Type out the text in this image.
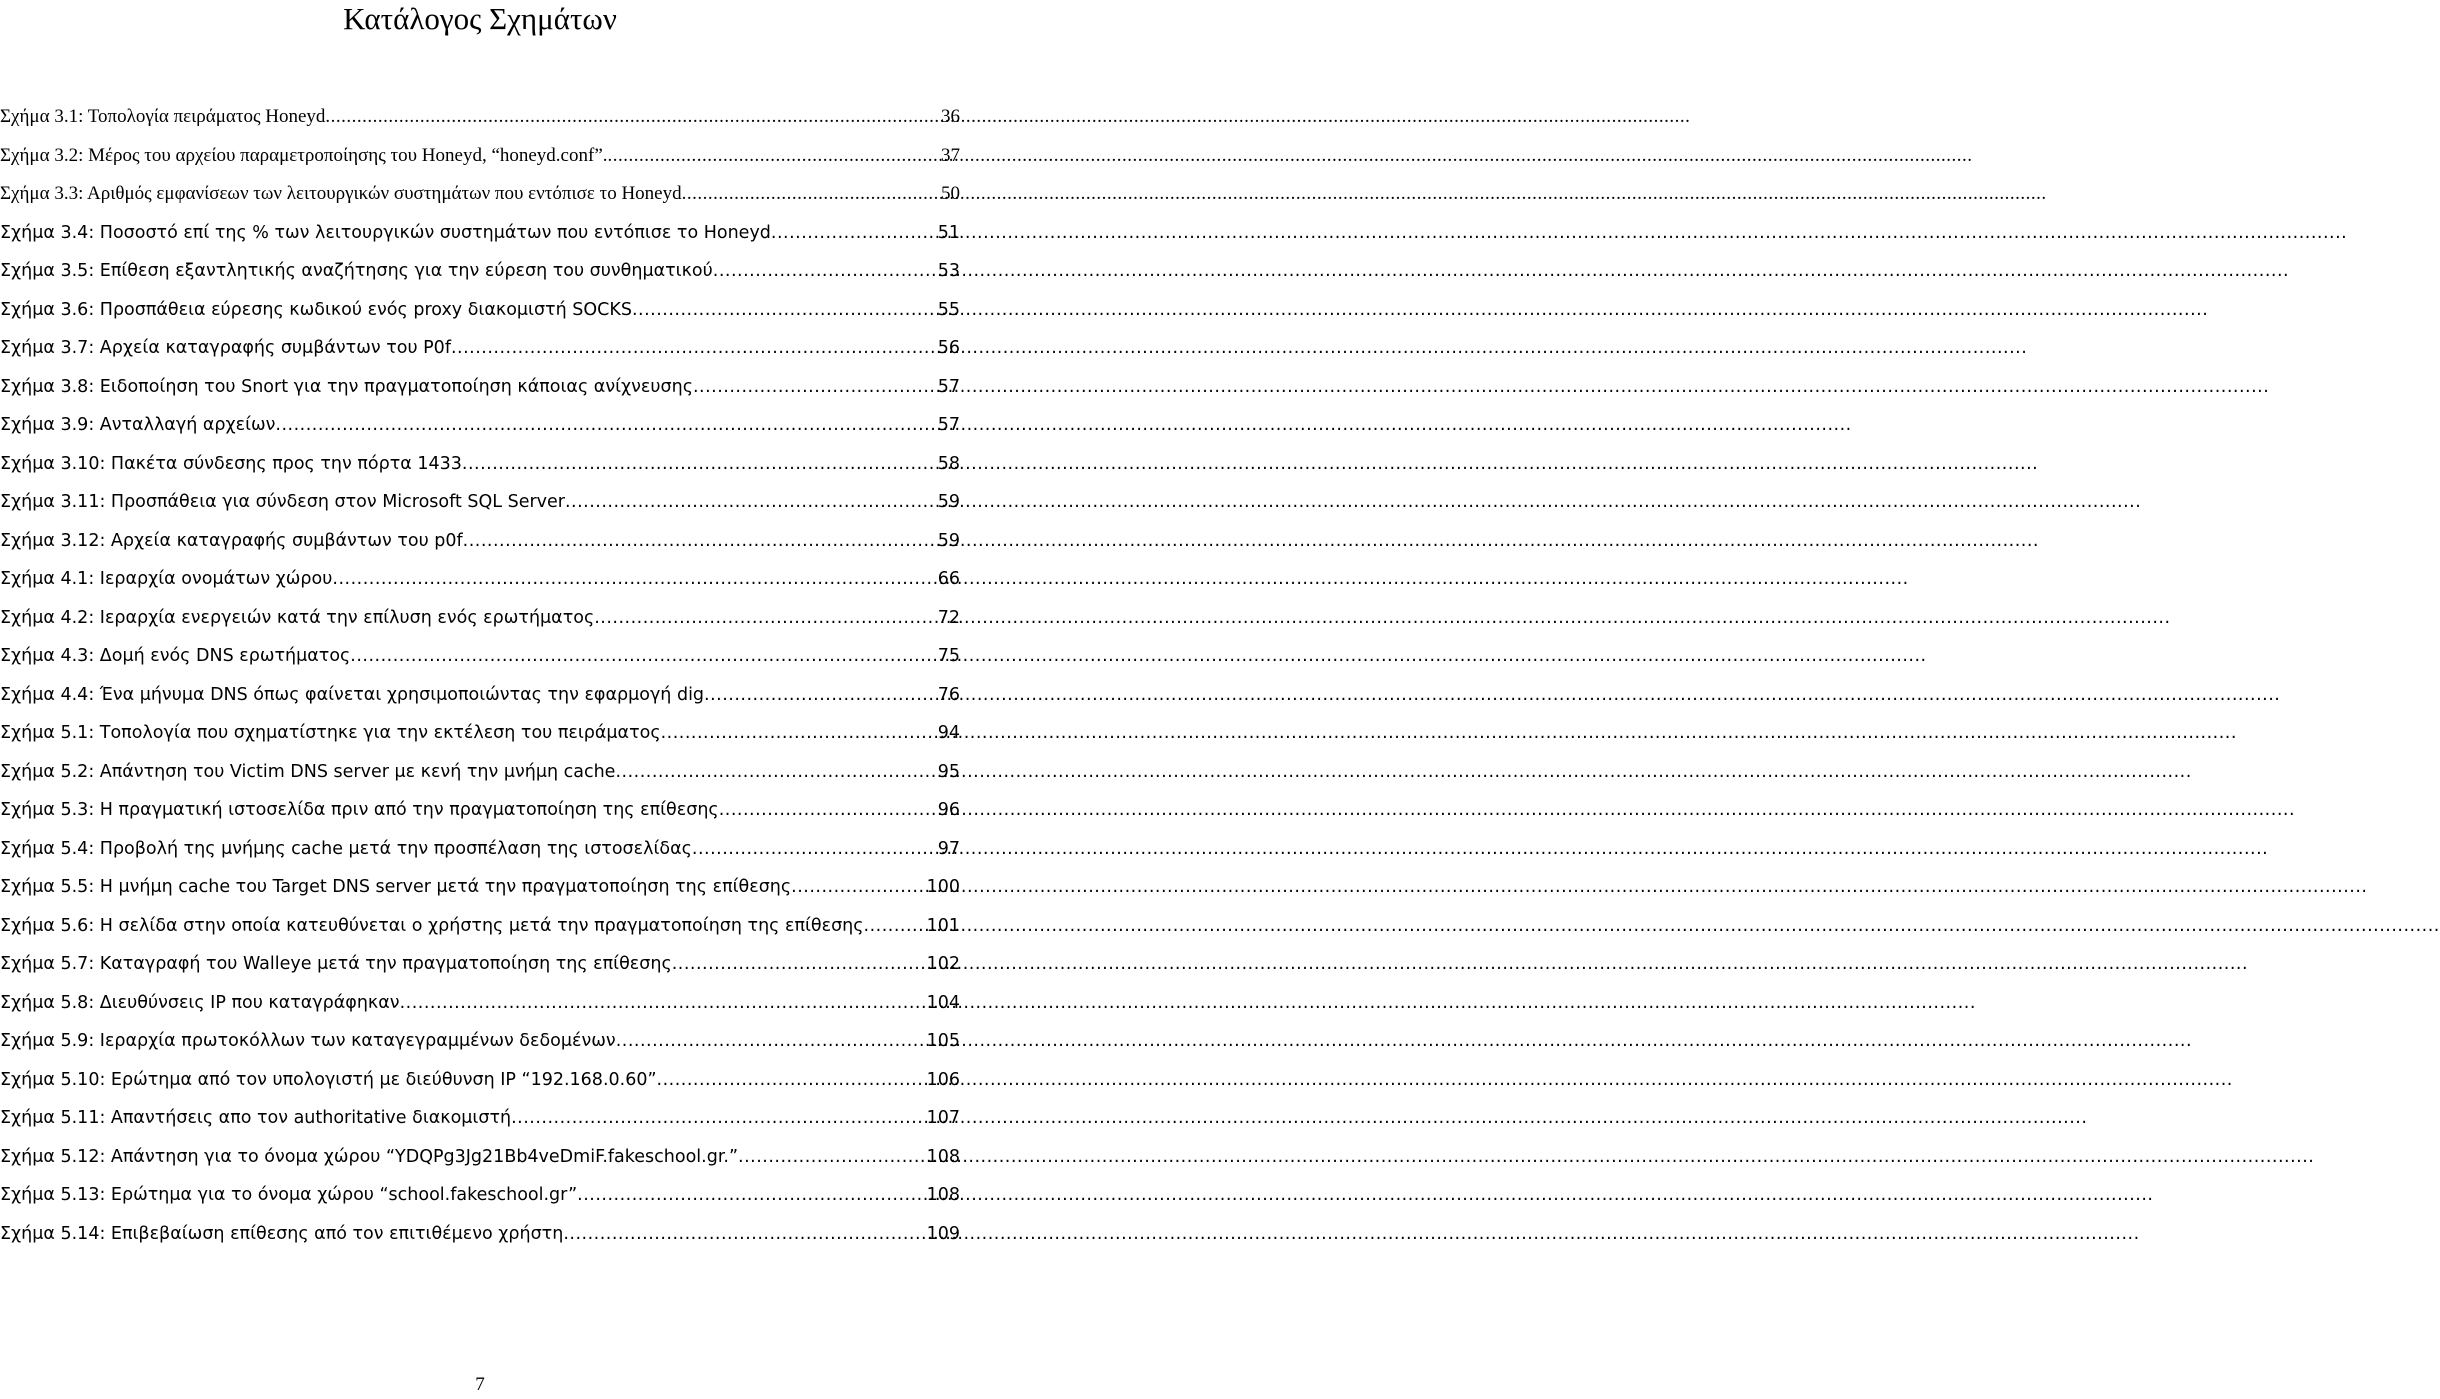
Κατάλογος Σχημάτων
Σχήμα 3.1: Τοπολογία πειράματος Honeyd .....	36
Σχήμα 3.2: Μέρος του αρχείου παραμετροποίησης του Honeyd, “honeyd.conf”. .....	37
Σχήμα 3.3: Αριθμός εμφανίσεων των λειτουργικών συστημάτων που εντόπισε το Honeyd .....	50
Σχήμα 3.4: Ποσοστό επί της % των λειτουργικών συστημάτων που εντόπισε το Honeyd .....	51
Σχήμα 3.5: Επίθεση εξαντλητικής αναζήτησης για την εύρεση του συνθηματικού .....	53
Σχήμα 3.6: Προσπάθεια εύρεσης κωδικού ενός proxy διακομιστή SOCKS .....	55
Σχήμα 3.7: Αρχεία καταγραφής συμβάντων του P0f .....	56
Σχήμα 3.8: Ειδοποίηση του Snort για την πραγματοποίηση κάποιας ανίχνευσης .....	57
Σχήμα 3.9: Ανταλλαγή αρχείων .....	57
Σχήμα 3.10: Πακέτα σύνδεσης προς την πόρτα 1433 .....	58
Σχήμα 3.11: Προσπάθεια για σύνδεση στον Microsoft SQL Server .....	59
Σχήμα 3.12: Αρχεία καταγραφής συμβάντων του p0f .....	59
Σχήμα 4.1: Ιεραρχία ονομάτων χώρου .....	66
Σχήμα 4.2: Ιεραρχία ενεργειών κατά την επίλυση ενός ερωτήματος .....	72
Σχήμα 4.3: Δομή ενός DNS ερωτήματος .....	75
Σχήμα 4.4: Ένα μήνυμα DNS όπως φαίνεται χρησιμοποιώντας την εφαρμογή dig .....	76
Σχήμα 5.1: Τοπολογία που σχηματίστηκε για την εκτέλεση του πειράματος .....	94
Σχήμα 5.2: Απάντηση του Victim DNS server με κενή την μνήμη cache .....	95
Σχήμα 5.3: Η πραγματική ιστοσελίδα πριν από την πραγματοποίηση της επίθεσης .....	96
Σχήμα 5.4: Προβολή της μνήμης cache μετά την προσπέλαση της ιστοσελίδας .....	97
Σχήμα 5.5: Η μνήμη cache του Target DNS server μετά την πραγματοποίηση της επίθεσης .....	100
Σχήμα 5.6: Η σελίδα στην οποία κατευθύνεται ο χρήστης μετά την πραγματοποίηση της επίθεσης .....	101
Σχήμα 5.7: Καταγραφή του Walleye μετά την πραγματοποίηση της επίθεσης .....	102
Σχήμα 5.8: Διευθύνσεις IP που καταγράφηκαν .....	104
Σχήμα 5.9: Ιεραρχία πρωτοκόλλων των καταγεγραμμένων δεδομένων .....	105
Σχήμα 5.10: Ερώτημα από τον υπολογιστή με διεύθυνση IP “192.168.0.60” .....	106
Σχήμα 5.11: Απαντήσεις απο τον authoritative διακομιστή .....	107
Σχήμα 5.12: Απάντηση για το όνομα χώρου “YDQPg3Jg21Bb4veDmiF.fakeschool.gr.” .....	108
Σχήμα 5.13: Ερώτημα για το όνομα χώρου “school.fakeschool.gr” .....	108
Σχήμα 5.14: Επιβεβαίωση επίθεσης από τον επιτιθέμενο χρήστη .....	109
7
